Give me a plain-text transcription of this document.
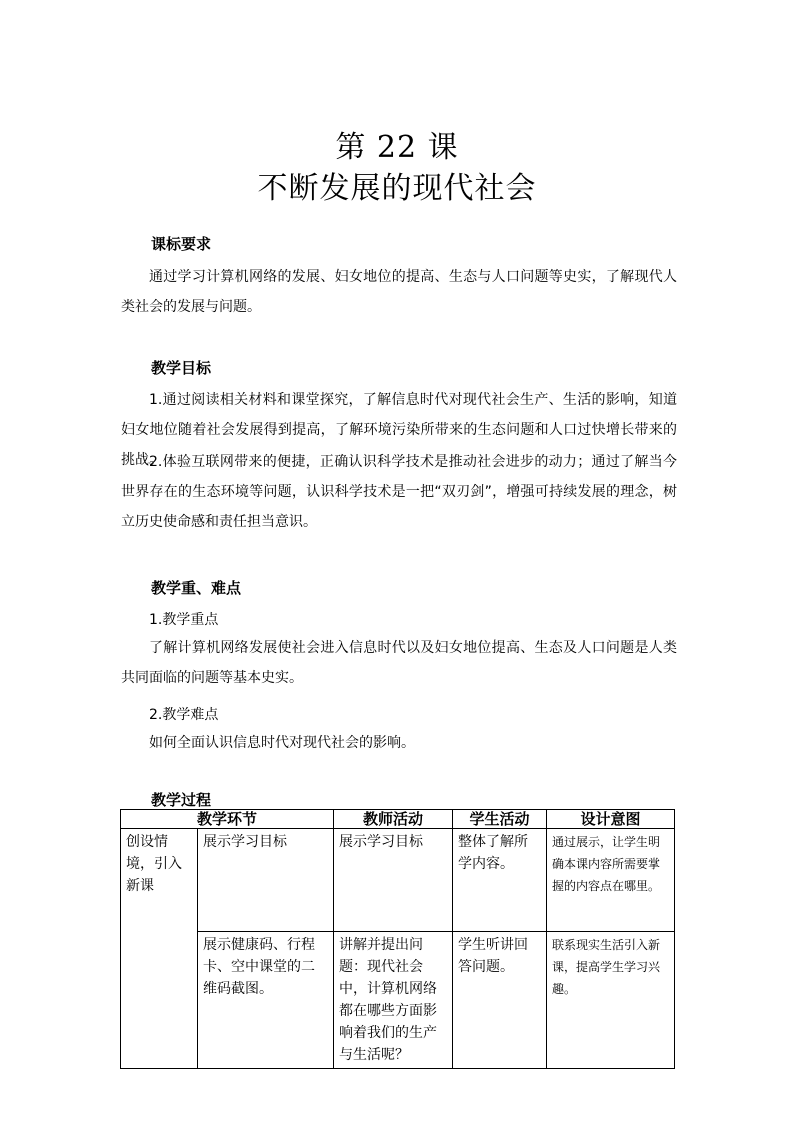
第 22 课
不断发展的现代社会
课标要求
通过学习计算机网络的发展、妇女地位的提高、生态与人口问题等史实，了解现代人类社会的发展与问题。
教学目标
1.通过阅读相关材料和课堂探究，了解信息时代对现代社会生产、生活的影响，知道妇女地位随着社会发展得到提高，了解环境污染所带来的生态问题和人口过快增长带来的挑战。
2.体验互联网带来的便捷，正确认识科学技术是推动社会进步的动力；通过了解当今世界存在的生态环境等问题，认识科学技术是一把“双刃剑”，增强可持续发展的理念，树立历史使命感和责任担当意识。
教学重、难点
1.教学重点
了解计算机网络发展使社会进入信息时代以及妇女地位提高、生态及人口问题是人类共同面临的问题等基本史实。
2.教学难点
如何全面认识信息时代对现代社会的影响。
教学过程
教学环节		教师活动	学生活动	设计意图
创设情境，引入新课	展示学习目标	展示学习目标	整体了解所学内容。	通过展示，让学生明确本课内容所需要掌握的内容点在哪里。
	展示健康码、行程卡、空中课堂的二维码截图。	讲解并提出问题：现代社会中，计算机网络都在哪些方面影响着我们的生产与生活呢？	学生听讲回答问题。	联系现实生活引入新课，提高学生学习兴趣。
